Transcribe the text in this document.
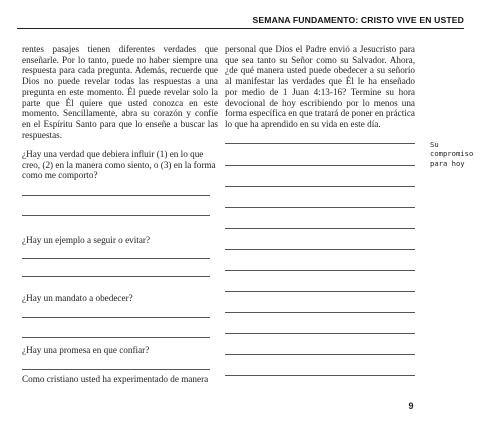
SEMANA FUNDAMENTO: CRISTO VIVE EN USTED

rentes pasajes tienen diferentes verdades que enseñarle. Por lo tanto, puede no haber siempre una respuesta para cada pregunta. Además, recuerde que Dios no puede revelar todas las respuestas a una pregunta en este momento. Él puede revelar solo la parte que Él quiere que usted conozca en este momento. Sencillamente, abra su corazón y confíe en el Espíritu Santo para que lo enseñe a buscar las respuestas.

¿Hay una verdad que debiera influir (1) en lo que creo, (2) en la manera como siento, o (3) en la forma como me comporto?
¿Hay un ejemplo a seguir o evitar?
¿Hay un mandato a obedecer?
¿Hay una promesa en que confiar?
Como cristiano usted ha experimentado de manera

personal que Dios el Padre envió a Jesucristo para que sea tanto su Señor como su Salvador. Ahora, ¿de qué manera usted puede obedecer a su señorío al manifestar las verdades que Él le ha enseñado por medio de 1 Juan 4:13-16? Termine su hora devocional de hoy escribiendo por lo menos una forma específica en que tratará de poner en práctica lo que ha aprendido en su vida en este día.

Su
compromiso
para hoy
9
